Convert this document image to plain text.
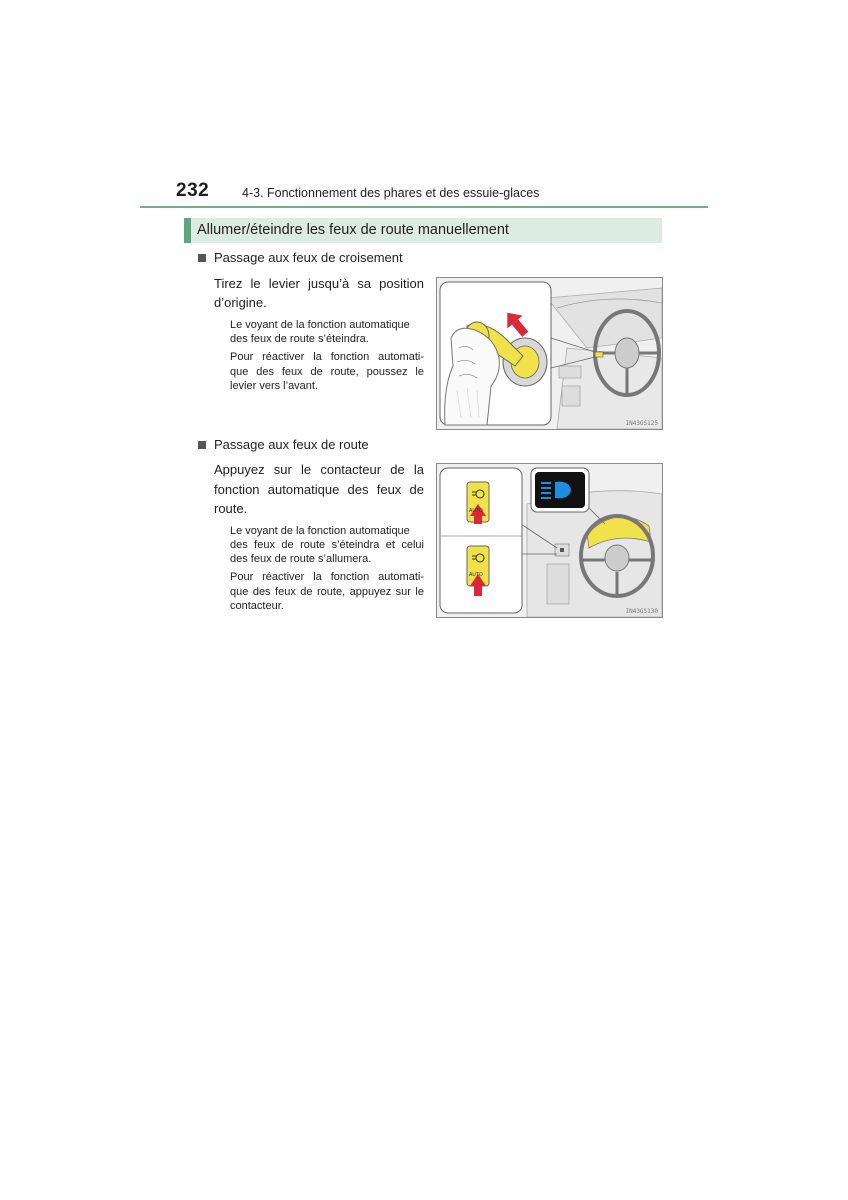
232	4-3. Fonctionnement des phares et des essuie-glaces
Allumer/éteindre les feux de route manuellement
Passage aux feux de croisement
Tirez le levier jusqu’à sa position
d’origine.
Le voyant de la fonction automatique
des feux de route s’éteindra.
Pour réactiver la fonction automati-
que des feux de route, poussez le
levier vers l’avant.
IN43GS125
Passage aux feux de route
Appuyez sur le contacteur de la
fonction automatique des feux de
route.
Le voyant de la fonction automatique
des feux de route s’éteindra et celui
des feux de route s’allumera.
Pour réactiver la fonction automati-
que des feux de route, appuyez sur le
contacteur.
AUTO
AUTO
IN43GS130
